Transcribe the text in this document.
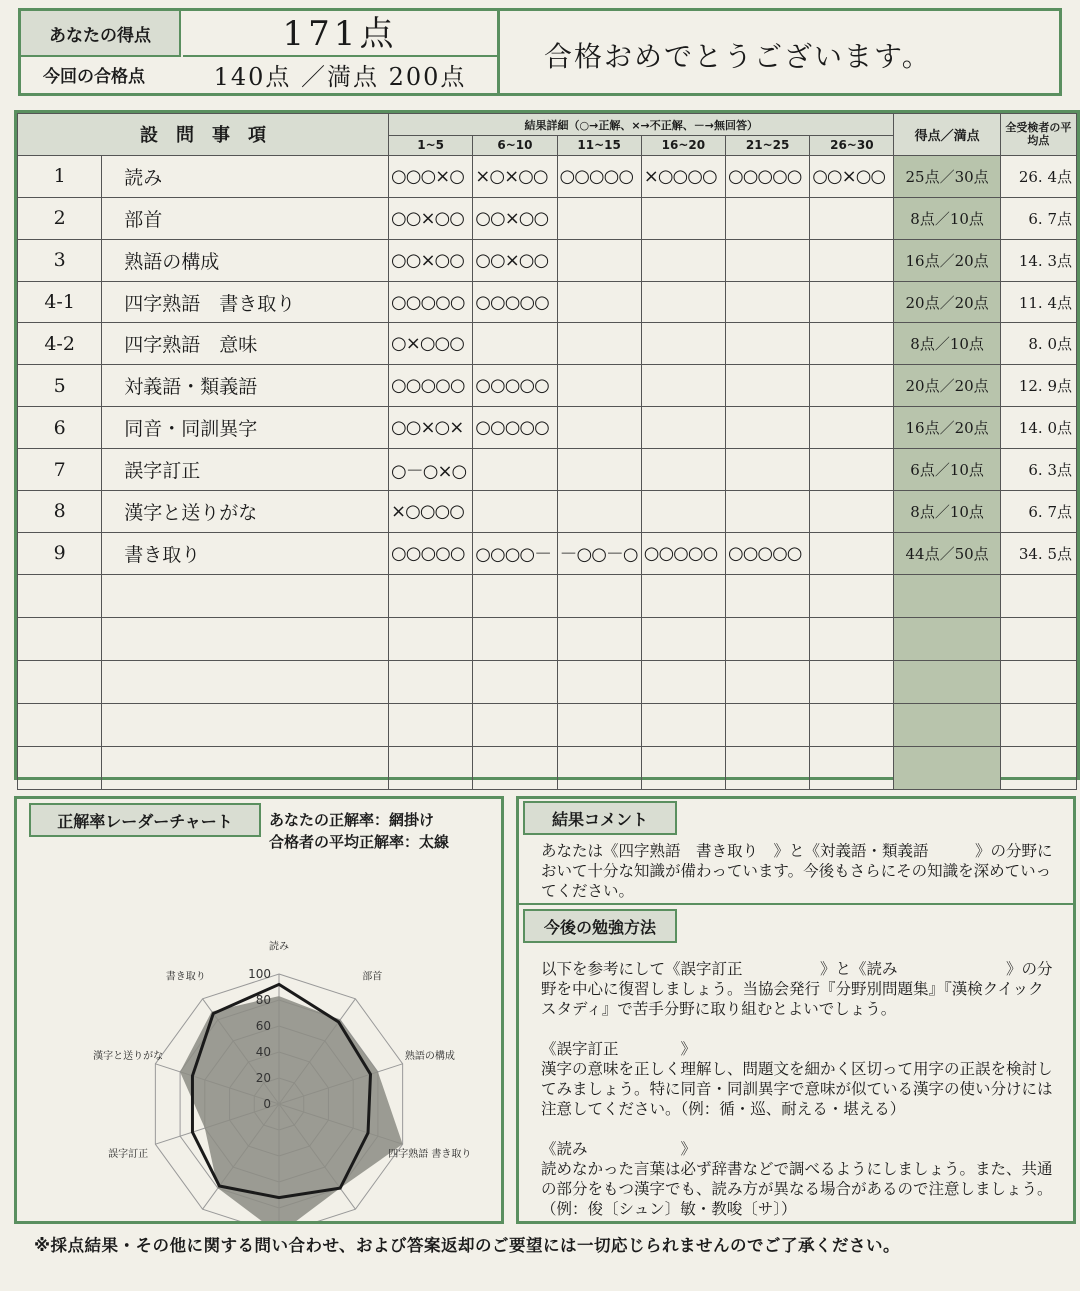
あなたの得点	171点
今回の合格点	140点 ／満点 200点
合格おめでとうございます。
設　問　事　項		結果詳細（○→正解、×→不正解、－→無回答）						得点／満点	全受検者の平均点
		1~5	6~10	11~15	16~20	21~25	26~30		
1	読み	○○○×○	×○×○○	○○○○○	×○○○○	○○○○○	○○×○○	25点／30点	26. 4点
2	部首	○○×○○	○○×○○					8点／10点	6. 7点
3	熟語の構成	○○×○○	○○×○○					16点／20点	14. 3点
4-1	四字熟語　書き取り	○○○○○	○○○○○					20点／20点	11. 4点
4-2	四字熟語　意味	○×○○○						8点／10点	8. 0点
5	対義語・類義語	○○○○○	○○○○○					20点／20点	12. 9点
6	同音・同訓異字	○○×○×	○○○○○					16点／20点	14. 0点
7	誤字訂正	○－○×○						6点／10点	6. 3点
8	漢字と送りがな	×○○○○						8点／10点	6. 7点
9	書き取り	○○○○○	○○○○－	－○○－○	○○○○○	○○○○○		44点／50点	34. 5点

正解率レーダーチャート	あなたの正解率：網掛け
合格者の平均正解率：太線
100
80
60
40
20
0
読み
部首
熟語の構成
四字熟語 書き取り
誤字訂正
漢字と送りがな
書き取り
結果コメント
あなたは《四字熟語　書き取り　》と《対義語・類義語　　　》の分野において十分な知識が備わっています。今後もさらにその知識を深めていってください。
今後の勉強方法
以下を参考にして《誤字訂正　　　　　》と《読み　　　　　　　》の分野を中心に復習しましょう。当協会発行『分野別問題集』『漢検クイックスタディ』で苦手分野に取り組むとよいでしょう。
《誤字訂正　　　　》
漢字の意味を正しく理解し、問題文を細かく区切って用字の正誤を検討してみましょう。特に同音・同訓異字で意味が似ている漢字の使い分けには注意してください。（例：循・巡、耐える・堪える）
《読み　　　　　　》
読めなかった言葉は必ず辞書などで調べるようにしましょう。また、共通の部分をもつ漢字でも、読み方が異なる場合があるので注意しましょう。（例：俊〔シュン〕敏・教唆〔サ〕）
※採点結果・その他に関する問い合わせ、および答案返却のご要望には一切応じられませんのでご了承ください。
